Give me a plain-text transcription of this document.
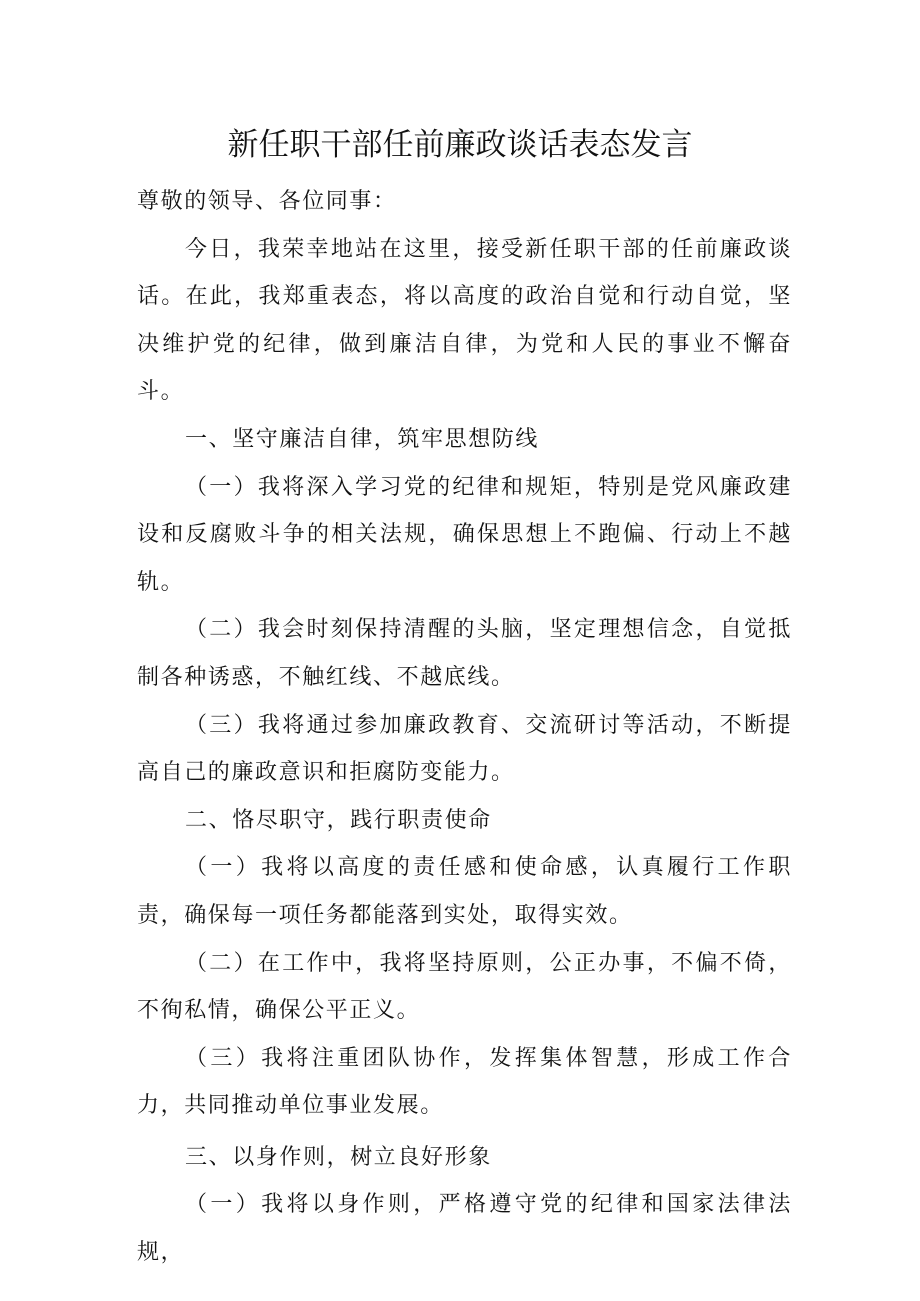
新任职干部任前廉政谈话表态发言

尊敬的领导、各位同事：

今日，我荣幸地站在这里，接受新任职干部的任前廉政谈话。在此，我郑重表态，将以高度的政治自觉和行动自觉，坚决维护党的纪律，做到廉洁自律，为党和人民的事业不懈奋斗。

一、坚守廉洁自律，筑牢思想防线

（一）我将深入学习党的纪律和规矩，特别是党风廉政建设和反腐败斗争的相关法规，确保思想上不跑偏、行动上不越轨。

（二）我会时刻保持清醒的头脑，坚定理想信念，自觉抵制各种诱惑，不触红线、不越底线。

（三）我将通过参加廉政教育、交流研讨等活动，不断提高自己的廉政意识和拒腐防变能力。

二、恪尽职守，践行职责使命

（一）我将以高度的责任感和使命感，认真履行工作职责，确保每一项任务都能落到实处，取得实效。

（二）在工作中，我将坚持原则，公正办事，不偏不倚，不徇私情，确保公平正义。

（三）我将注重团队协作，发挥集体智慧，形成工作合力，共同推动单位事业发展。

三、以身作则，树立良好形象

（一）我将以身作则，严格遵守党的纪律和国家法律法规，
